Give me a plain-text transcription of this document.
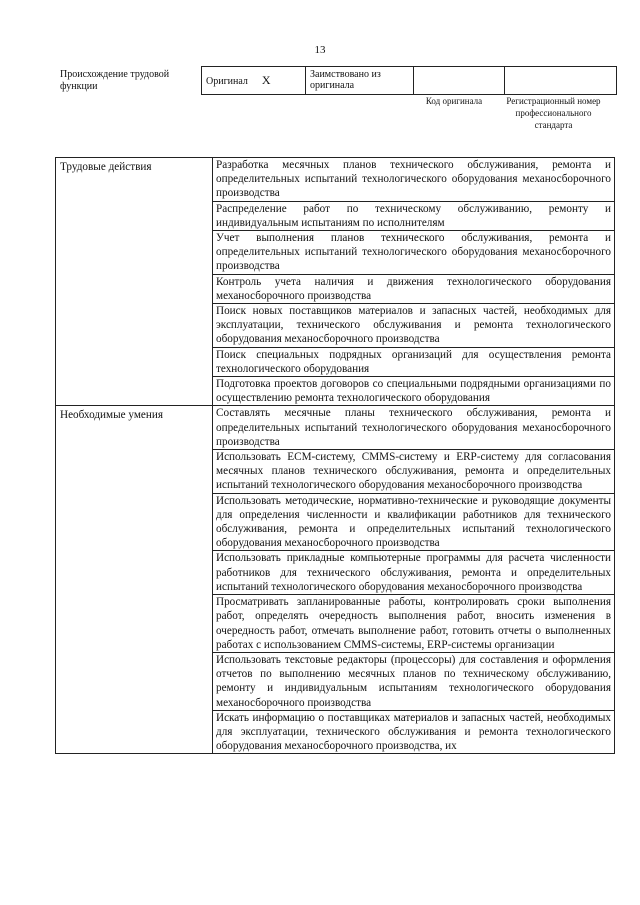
13
Происхождение трудовой функции	Оригинал X	Заимствовано из оригинала		
Код оригинала	Регистрационный номер профессионального стандарта
Трудовые действия	Разработка месячных планов технического обслуживания, ремонта и определительных испытаний технологического оборудования механосборочного производства
	Распределение работ по техническому обслуживанию, ремонту и индивидуальным испытаниям по исполнителям
	Учет выполнения планов технического обслуживания, ремонта и определительных испытаний технологического оборудования механосборочного производства
	Контроль учета наличия и движения технологического оборудования механосборочного производства
	Поиск новых поставщиков материалов и запасных частей, необходимых для эксплуатации, технического обслуживания и ремонта технологического оборудования механосборочного производства
	Поиск специальных подрядных организаций для осуществления ремонта технологического оборудования
	Подготовка проектов договоров со специальными подрядными организациями по осуществлению ремонта технологического оборудования
Необходимые умения	Составлять месячные планы технического обслуживания, ремонта и определительных испытаний технологического оборудования механосборочного производства
	Использовать ECM-систему, CMMS-систему и ERP-систему для согласования месячных планов технического обслуживания, ремонта и определительных испытаний технологического оборудования механосборочного производства
	Использовать методические, нормативно-технические и руководящие документы для определения численности и квалификации работников для технического обслуживания, ремонта и определительных испытаний технологического оборудования механосборочного производства
	Использовать прикладные компьютерные программы для расчета численности работников для технического обслуживания, ремонта и определительных испытаний технологического оборудования механосборочного производства
	Просматривать запланированные работы, контролировать сроки выполнения работ, определять очередность выполнения работ, вносить изменения в очередность работ, отмечать выполнение работ, готовить отчеты о выполненных работах с использованием CMMS-системы, ERP-системы организации
	Использовать текстовые редакторы (процессоры) для составления и оформления отчетов по выполнению месячных планов по техническому обслуживанию, ремонту и индивидуальным испытаниям технологического оборудования механосборочного производства
	Искать информацию о поставщиках материалов и запасных частей, необходимых для эксплуатации, технического обслуживания и ремонта технологического оборудования механосборочного производства, их
